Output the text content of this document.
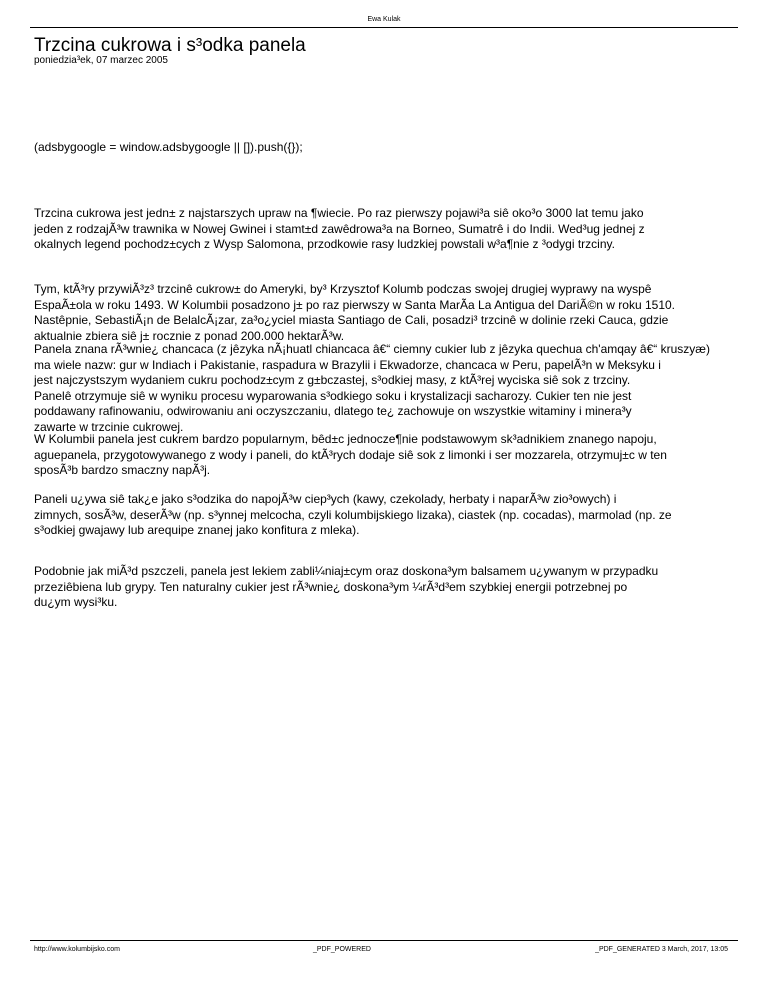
Ewa Kulak
Trzcina cukrowa i s³odka panela
poniedzia³ek, 07 marzec 2005
(adsbygoogle = window.adsbygoogle || []).push({});

Trzcina cukrowa jest jedn± z najstarszych upraw na ¶wiecie. Po raz pierwszy pojawi³a siê oko³o 3000 lat temu jako
jeden z rodzajÃ³w trawnika w Nowej Gwinei i stamt±d zawêdrowa³a na Borneo, Sumatrê i do Indii. Wed³ug jednej z
okalnych legend pochodz±cych z Wysp Salomona, przodkowie rasy ludzkiej powstali w³a¶nie z ³odygi trzciny.

Tym, ktÃ³ry przywiÃ³z³ trzcinê cukrow± do Ameryki, by³ Krzysztof Kolumb podczas swojej drugiej wyprawy na wyspê
EspaÃ±ola w roku 1493. W Kolumbii posadzono j± po raz pierwszy w Santa MarÃa La Antigua del DariÃ©n w roku 1510.
Nastêpnie, SebastiÃ¡n de BelalcÃ¡zar, za³o¿yciel miasta Santiago de Cali, posadzi³ trzcinê w dolinie rzeki Cauca, gdzie
aktualnie zbiera siê j± rocznie z ponad 200.000 hektarÃ³w.

Panela znana rÃ³wnie¿ chancaca (z jêzyka nÃ¡huatl chiancaca â€“ ciemny cukier lub z jêzyka quechua ch'amqay â€“ kruszyæ)
ma wiele nazw: gur w Indiach i Pakistanie, raspadura w Brazylii i Ekwadorze, chancaca w Peru, papelÃ³n w Meksyku i
jest najczystszym wydaniem cukru pochodz±cym z g±bczastej, s³odkiej masy, z ktÃ³rej wyciska siê sok z trzciny.
Panelê otrzymuje siê w wyniku procesu wyparowania s³odkiego soku i krystalizacji sacharozy. Cukier ten nie jest
poddawany rafinowaniu, odwirowaniu ani oczyszczaniu, dlatego te¿ zachowuje on wszystkie witaminy i minera³y
zawarte w trzcinie cukrowej.

W Kolumbii panela jest cukrem bardzo popularnym, bêd±c jednocze¶nie podstawowym sk³adnikiem znanego napoju,
aguepanela, przygotowywanego z wody i paneli, do ktÃ³rych dodaje siê sok z limonki i ser mozzarela, otrzymuj±c w ten
sposÃ³b bardzo smaczny napÃ³j.

Paneli u¿ywa siê tak¿e jako s³odzika do napojÃ³w ciep³ych (kawy, czekolady, herbaty i naparÃ³w zio³owych) i
zimnych, sosÃ³w, deserÃ³w (np. s³ynnej melcocha, czyli kolumbijskiego lizaka), ciastek (np. cocadas), marmolad (np. ze
s³odkiej gwajawy lub arequipe znanej jako konfitura z mleka).

Podobnie jak miÃ³d pszczeli, panela jest lekiem zabli¼niaj±cym oraz doskona³ym balsamem u¿ywanym w przypadku
przeziêbiena lub grypy. Ten naturalny cukier jest rÃ³wnie¿ doskona³ym ¼rÃ³d³em szybkiej energii potrzebnej po
du¿ym wysi³ku.

http://www.kolumbijsko.com	_PDF_POWERED	_PDF_GENERATED 3 March, 2017, 13:05
